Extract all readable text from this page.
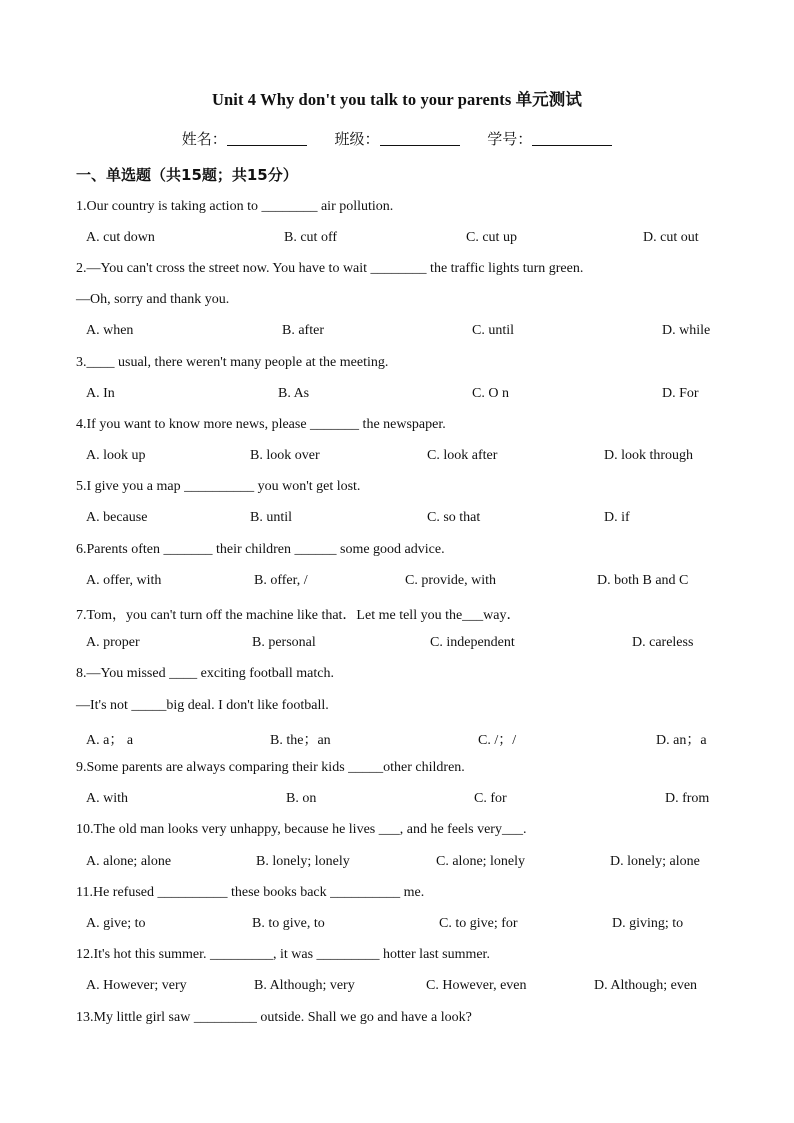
Unit 4 Why don't you talk to your parents 单元测试
姓名：	班级：	学号：
一、单选题（共15题；共15分）
1.Our country is taking action to ________ air pollution.
A. cut down	B. cut off	C. cut up	D. cut out
2.—You can't cross the street now. You have to wait ________ the traffic lights turn green.
—Oh, sorry and thank you.
A. when	B. after	C. until	D. while
3.____ usual, there weren't many people at the meeting.
A. In	B. As	C. O n	D. For
4.If you want to know more news, please _______ the newspaper.
A. look up	B. look over	C. look after	D. look through
5.I give you a map __________ you won't get lost.
A. because	B. until	C. so that	D. if
6.Parents often _______ their children ______ some good advice.
A. offer, with	B. offer, /	C. provide, with	D. both B and C
7.Tom，you can't turn off the machine like that．Let me tell you the___way．
A. proper	B. personal	C. independent	D. careless
8.—You missed ____ exciting football match.
—It's not _____big deal. I don't like football.
A. a； a	B. the；an	C. /；/	D. an；a
9.Some parents are always comparing their kids _____other children.
A. with	B. on	C. for	D. from
10.The old man looks very unhappy, because he lives ___, and he feels very___.
A. alone; alone	B. lonely; lonely	C. alone; lonely	D. lonely; alone
11.He refused __________ these books back __________ me.
A. give; to	B. to give, to	C. to give; for	D. giving; to
12.It's hot this summer. _________, it was _________ hotter last summer.
A. However; very	B. Although; very	C. However, even	D. Although; even
13.My little girl saw _________ outside. Shall we go and have a look?
